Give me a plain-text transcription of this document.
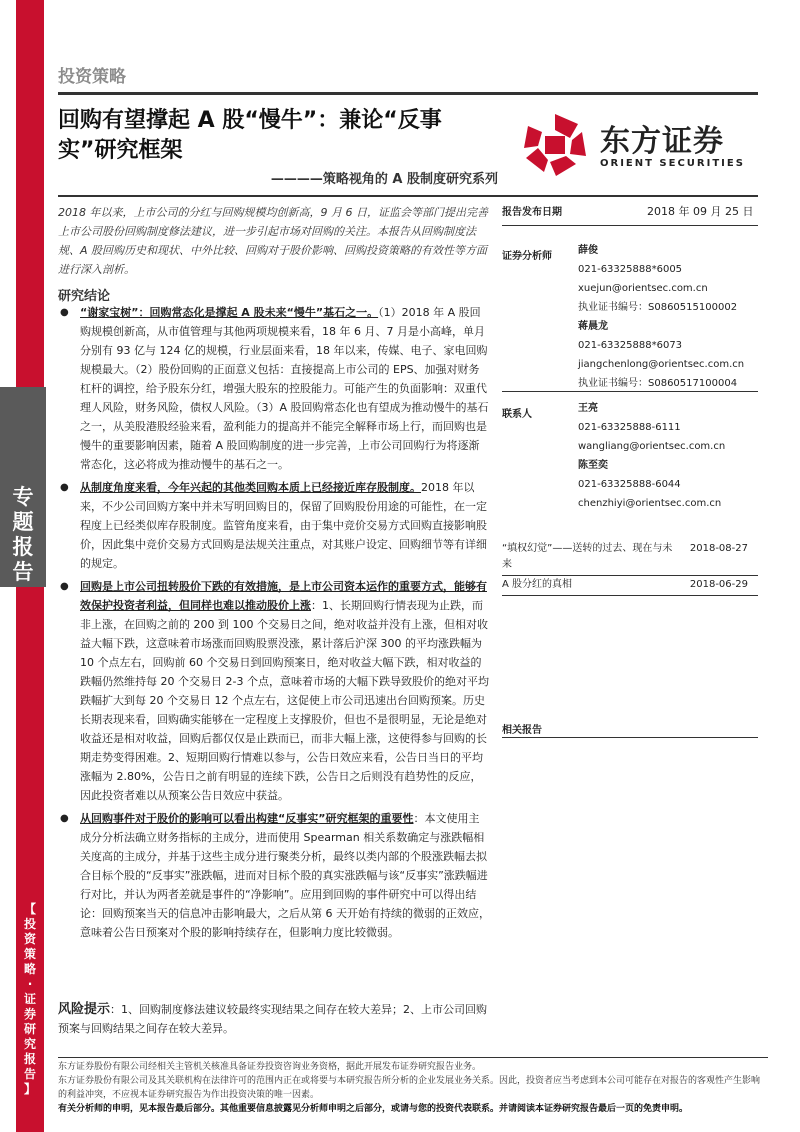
专
题
报
告
【
投
资
策
略
·
证
券
研
究
报
告
】
投资策略
回购有望撑起 A 股“慢牛”：兼论“反事实”研究框架
————策略视角的 A 股制度研究系列
东方证券
ORIENT SECURITIES
2018 年以来，上市公司的分红与回购规模均创新高，9 月 6 日，证监会等部门提出完善上市公司股份回购制度修法建议，进一步引起市场对回购的关注。本报告从回购制度法规、A 股回购历史和现状、中外比较、回购对于股价影响、回购投资策略的有效性等方面进行深入剖析。
研究结论
● “谢家宝树”：回购常态化是撑起 A 股未来“慢牛”基石之一。（1）2018 年 A 股回购规模创新高，从市值管理与其他两项规模来看，18 年 6 月、7 月是小高峰，单月分别有 93 亿与 124 亿的规模，行业层面来看，18 年以来，传媒、电子、家电回购规模最大。（2）股份回购的正面意义包括：直接提高上市公司的 EPS、加强对财务杠杆的调控，给予股东分红，增强大股东的控股能力。可能产生的负面影响：双重代理人风险，财务风险，债权人风险。（3）A 股回购常态化也有望成为推动慢牛的基石之一，从美股港股经验来看，盈利能力的提高并不能完全解释市场上行，而回购也是慢牛的重要影响因素，随着 A 股回购制度的进一步完善，上市公司回购行为将逐渐常态化，这必将成为推动慢牛的基石之一。
● 从制度角度来看，今年兴起的其他类回购本质上已经接近库存股制度。2018 年以来，不少公司回购方案中并未写明回购目的，保留了回购股份用途的可能性，在一定程度上已经类似库存股制度。监管角度来看，由于集中竞价交易方式回购直接影响股价，因此集中竞价交易方式回购是法规关注重点，对其账户设定、回购细节等有详细的规定。
● 回购是上市公司扭转股价下跌的有效措施，是上市公司资本运作的重要方式，能够有效保护投资者利益，但同样也难以推动股价上涨：1、长期回购行情表现为止跌，而非上涨，在回购之前的 200 到 100 个交易日之间，绝对收益并没有上涨，但相对收益大幅下跌，这意味着市场涨而回购股票没涨，累计落后沪深 300 的平均涨跌幅为 10 个点左右，回购前 60 个交易日到回购预案日，绝对收益大幅下跌，相对收益的跌幅仍然维持每 20 个交易日 2-3 个点，意味着市场的大幅下跌导致股价的绝对平均跌幅扩大到每 20 个交易日 12 个点左右，这促使上市公司迅速出台回购预案。历史长期表现来看，回购确实能够在一定程度上支撑股价，但也不是很明显，无论是绝对收益还是相对收益，回购后都仅仅是止跌而已，而非大幅上涨，这使得参与回购的长期走势变得困难。2、短期回购行情难以参与，公告日效应来看，公告日当日的平均涨幅为 2.80%，公告日之前有明显的连续下跌，公告日之后则没有趋势性的反应，因此投资者难以从预案公告日效应中获益。
● 从回购事件对于股价的影响可以看出构建“反事实”研究框架的重要性：本文使用主成分分析法确立财务指标的主成分，进而使用 Spearman 相关系数确定与涨跌幅相关度高的主成分，并基于这些主成分进行聚类分析，最终以类内部的个股涨跌幅去拟合目标个股的“反事实”涨跌幅，进而对目标个股的真实涨跌幅与该“反事实”涨跌幅进行对比，并认为两者差就是事件的“净影响”。应用到回购的事件研究中可以得出结论：回购预案当天的信息冲击影响最大，之后从第 6 天开始有持续的微弱的正效应，意味着公告日预案对个股的影响持续存在，但影响力度比较微弱。
风险提示：1、回购制度修法建议较最终实现结果之间存在较大差异；2、上市公司回购预案与回购结果之间存在较大差异。
报告发布日期	2018 年 09 月 25 日
证券分析师
薛俊
021-63325888*6005
xuejun@orientsec.com.cn
执业证书编号：S0860515100002
蒋晨龙
021-63325888*6073
jiangchenlong@orientsec.com.cn
执业证书编号：S0860517100004
联系人
王亮
021-63325888-6111
wangliang@orientsec.com.cn
陈至奕
021-63325888-6044
chenzhiyi@orientsec.com.cn
相关报告
“填权幻觉”——送转的过去、现在与未来
2018-08-27
A 股分红的真相	2018-06-29
东方证券股份有限公司经相关主管机关核准具备证券投资咨询业务资格，据此开展发布证券研究报告业务。
东方证券股份有限公司及其关联机构在法律许可的范围内正在或将要与本研究报告所分析的企业发展业务关系。因此，投资者应当考虑到本公司可能存在对报告的客观性产生影响的利益冲突，不应视本证券研究报告为作出投资决策的唯一因素。
有关分析师的申明，见本报告最后部分。其他重要信息披露见分析师申明之后部分，或请与您的投资代表联系。并请阅读本证券研究报告最后一页的免责申明。
